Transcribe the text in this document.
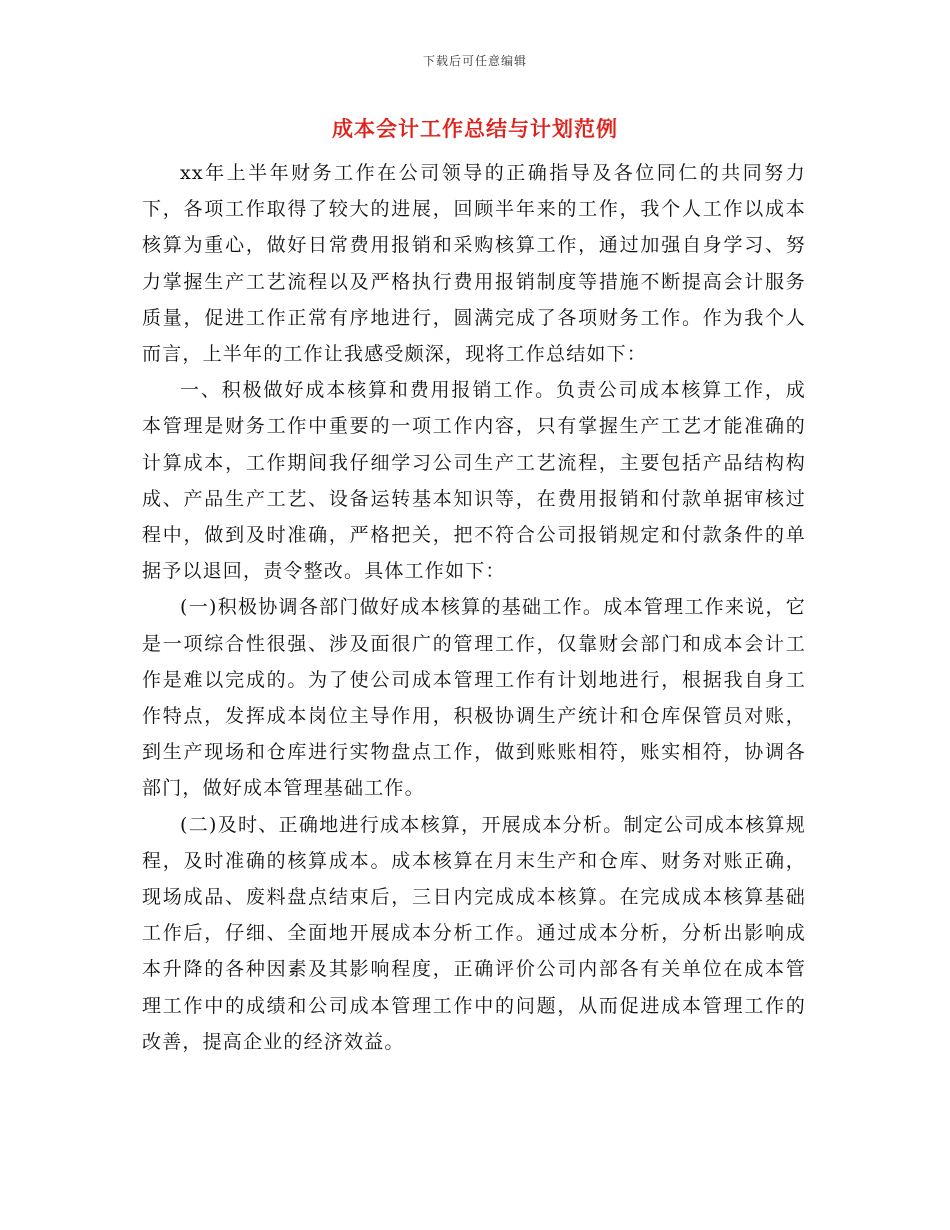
下载后可任意编辑
成本会计工作总结与计划范例

xx年上半年财务工作在公司领导的正确指导及各位同仁的共同努力下，各项工作取得了较大的进展，回顾半年来的工作，我个人工作以成本核算为重心，做好日常费用报销和采购核算工作，通过加强自身学习、努力掌握生产工艺流程以及严格执行费用报销制度等措施不断提高会计服务质量，促进工作正常有序地进行，圆满完成了各项财务工作。作为我个人而言，上半年的工作让我感受颇深，现将工作总结如下：

一、积极做好成本核算和费用报销工作。负责公司成本核算工作，成本管理是财务工作中重要的一项工作内容，只有掌握生产工艺才能准确的计算成本，工作期间我仔细学习公司生产工艺流程，主要包括产品结构构成、产品生产工艺、设备运转基本知识等，在费用报销和付款单据审核过程中，做到及时准确，严格把关，把不符合公司报销规定和付款条件的单据予以退回，责令整改。具体工作如下：

(一)积极协调各部门做好成本核算的基础工作。成本管理工作来说，它是一项综合性很强、涉及面很广的管理工作，仅靠财会部门和成本会计工作是难以完成的。为了使公司成本管理工作有计划地进行，根据我自身工作特点，发挥成本岗位主导作用，积极协调生产统计和仓库保管员对账，到生产现场和仓库进行实物盘点工作，做到账账相符，账实相符，协调各部门，做好成本管理基础工作。

(二)及时、正确地进行成本核算，开展成本分析。制定公司成本核算规程，及时准确的核算成本。成本核算在月末生产和仓库、财务对账正确，现场成品、废料盘点结束后，三日内完成成本核算。在完成成本核算基础工作后，仔细、全面地开展成本分析工作。通过成本分析，分析出影响成本升降的各种因素及其影响程度，正确评价公司内部各有关单位在成本管理工作中的成绩和公司成本管理工作中的问题，从而促进成本管理工作的改善，提高企业的经济效益。
